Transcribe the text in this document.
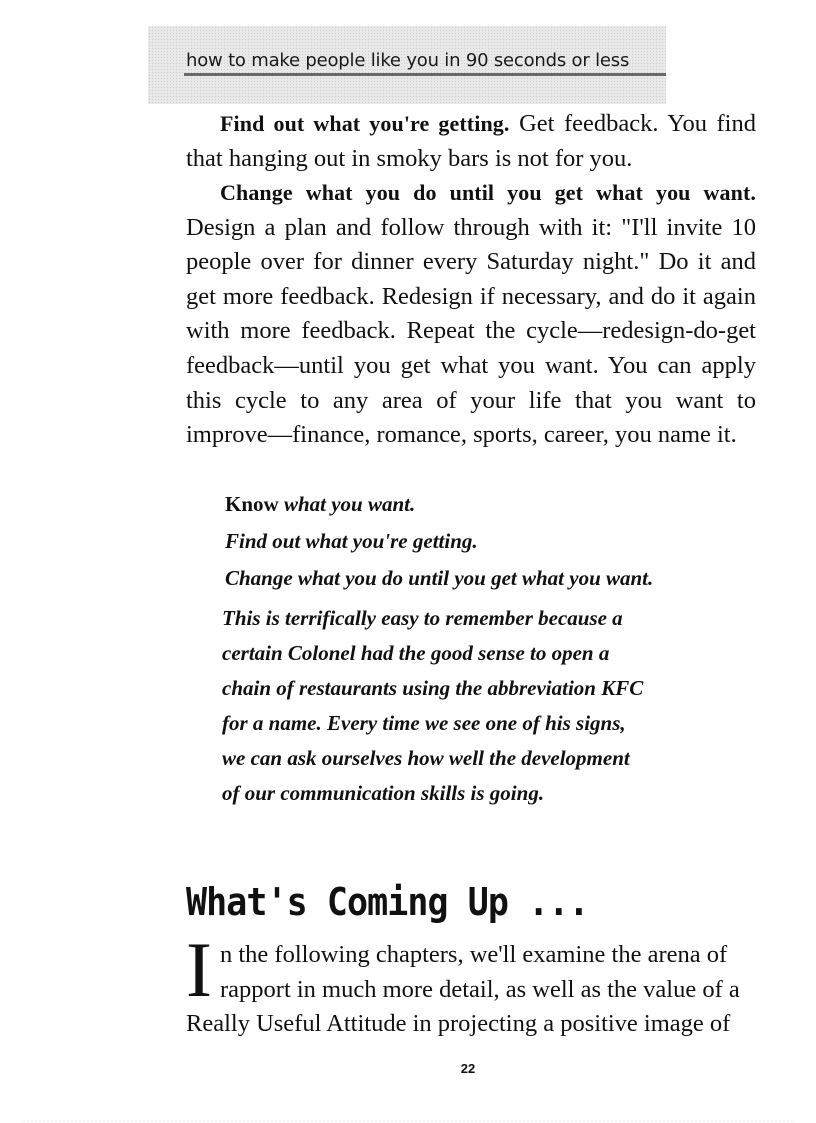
how to make people like you in 90 seconds or less

Find out what you're getting. Get feedback. You find that hanging out in smoky bars is not for you.

Change what you do until you get what you want. Design a plan and follow through with it: "I'll invite 10 people over for dinner every Saturday night." Do it and get more feedback. Redesign if necessary, and do it again with more feedback. Repeat the cycle—redesign-do-get feedback—until you get what you want. You can apply this cycle to any area of your life that you want to improve—finance, romance, sports, career, you name it.

Know what you want.
Find out what you're getting.
Change what you do until you get what you want.
This is terrifically easy to remember because a
certain Colonel had the good sense to open a
chain of restaurants using the abbreviation KFC
for a name. Every time we see one of his signs,
we can ask ourselves how well the development
of our communication skills is going.
What's Coming Up ...

I n the following chapters, we'll examine the arena of
rapport in much more detail, as well as the value of a
Really Useful Attitude in projecting a positive image of

22
